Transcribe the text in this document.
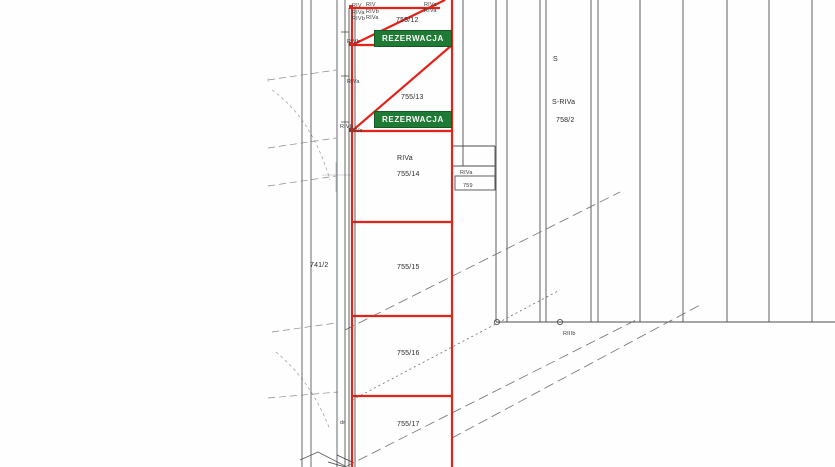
REZERWACJA
REZERWACJA
755/12
755/13
RIVa
755/14
755/15
755/16
755/17
741/2
S
S-RIVa
758/2
RIVa
759
RIIIb
dr
RIV
RIVa
RIVb
RIV
RIVb
RIVa
RIVa
RIVa
RIVb
RIVa
RIVb
RIVa
